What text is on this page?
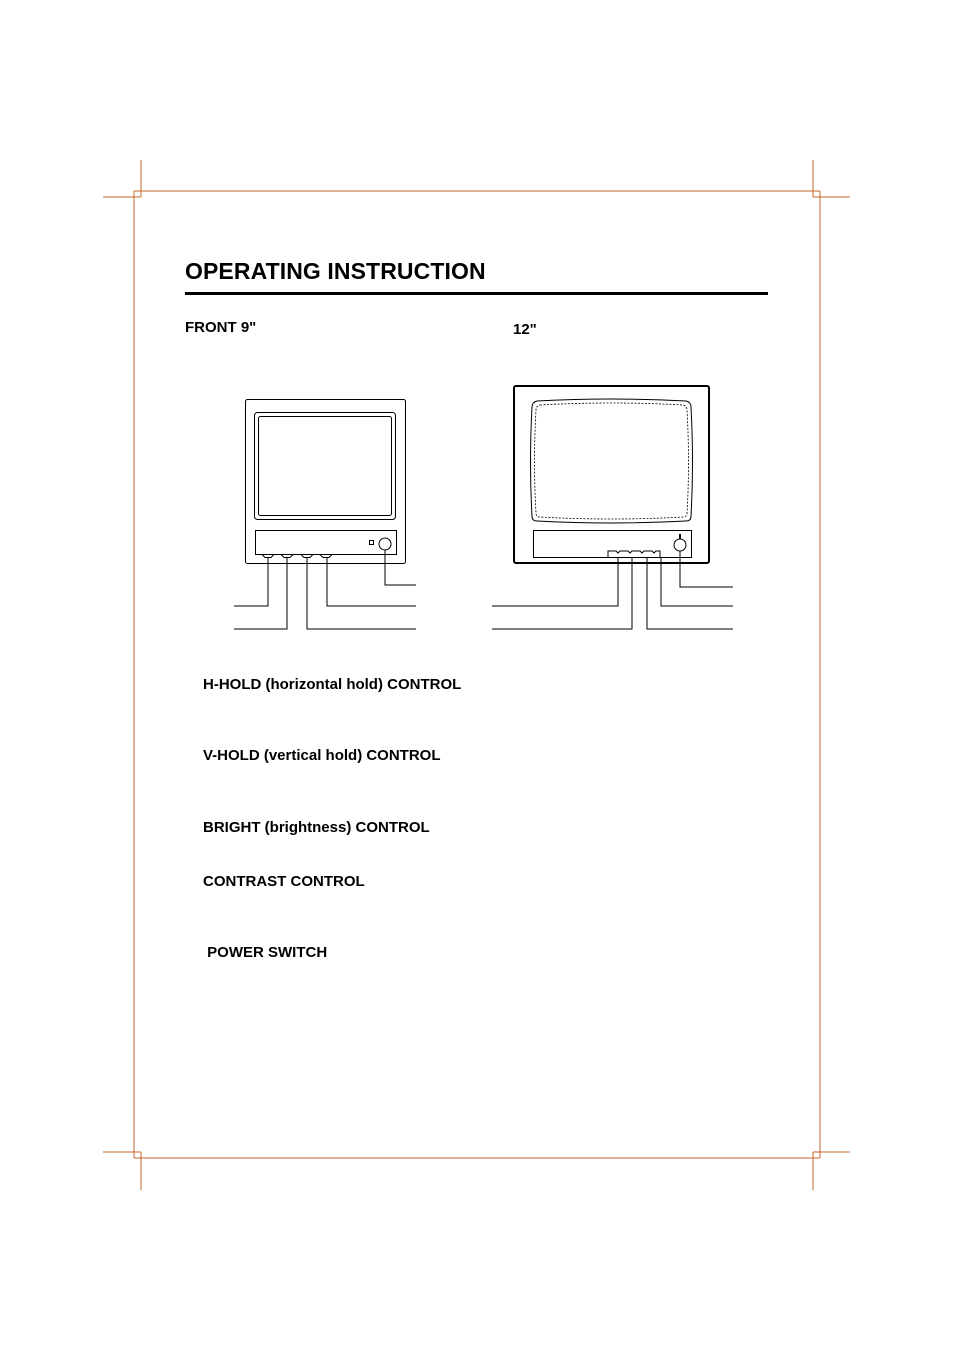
OPERATING INSTRUCTION
FRONT 9"	12"
H-HOLD (horizontal hold) CONTROL
V-HOLD (vertical hold) CONTROL
BRIGHT (brightness) CONTROL
CONTRAST CONTROL
POWER SWITCH
